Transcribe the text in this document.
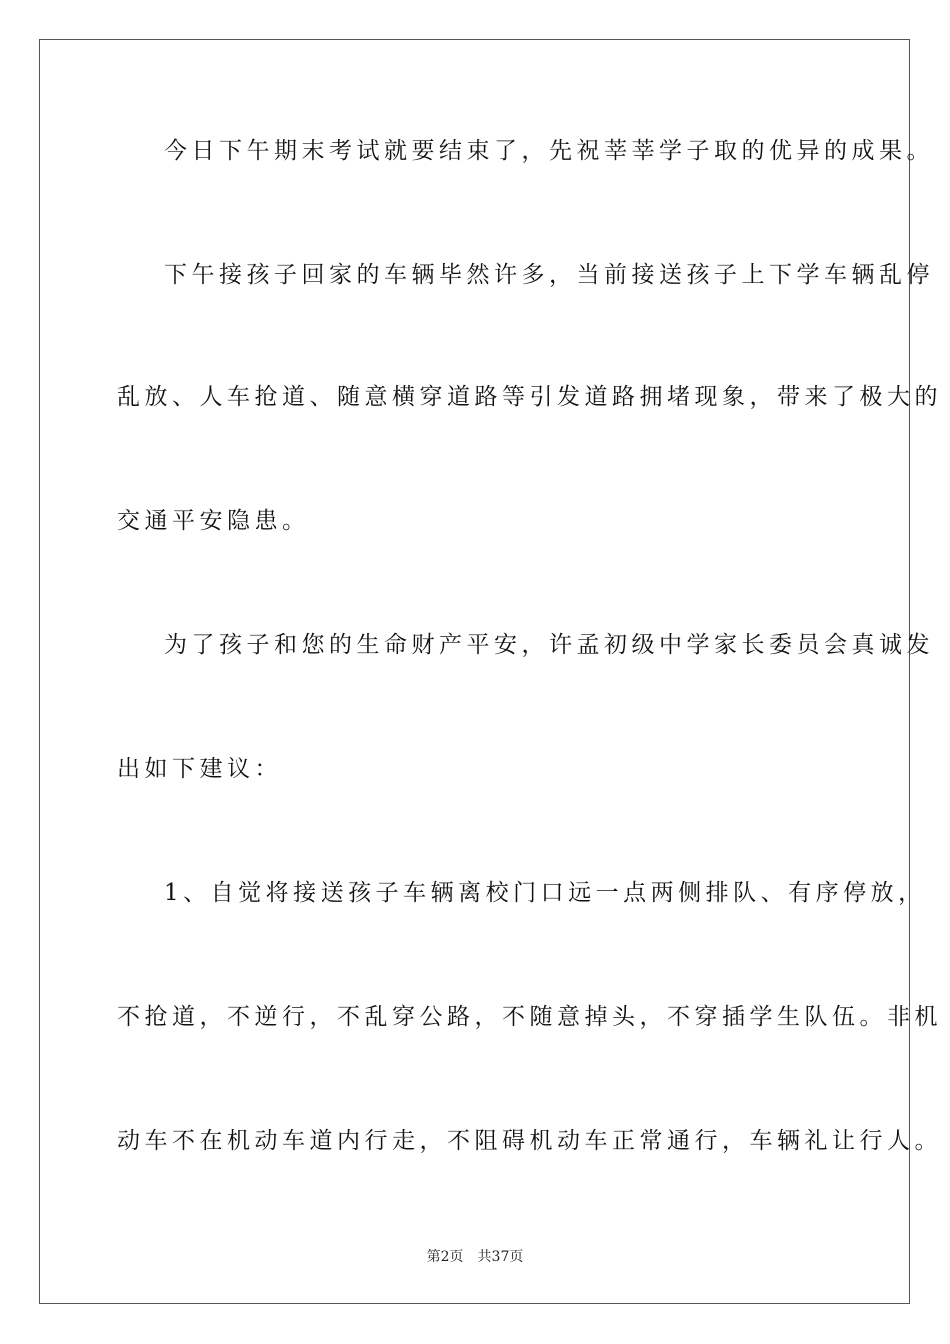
今日下午期末考试就要结束了，先祝莘莘学子取的优异的成果。
下午接孩子回家的车辆毕然许多，当前接送孩子上下学车辆乱停
乱放、人车抢道、随意横穿道路等引发道路拥堵现象，带来了极大的
交通平安隐患。
为了孩子和您的生命财产平安，许孟初级中学家长委员会真诚发
出如下建议：
1、自觉将接送孩子车辆离校门口远一点两侧排队、有序停放，
不抢道，不逆行，不乱穿公路，不随意掉头，不穿插学生队伍。非机
动车不在机动车道内行走，不阻碍机动车正常通行，车辆礼让行人。
第2页 共37页
